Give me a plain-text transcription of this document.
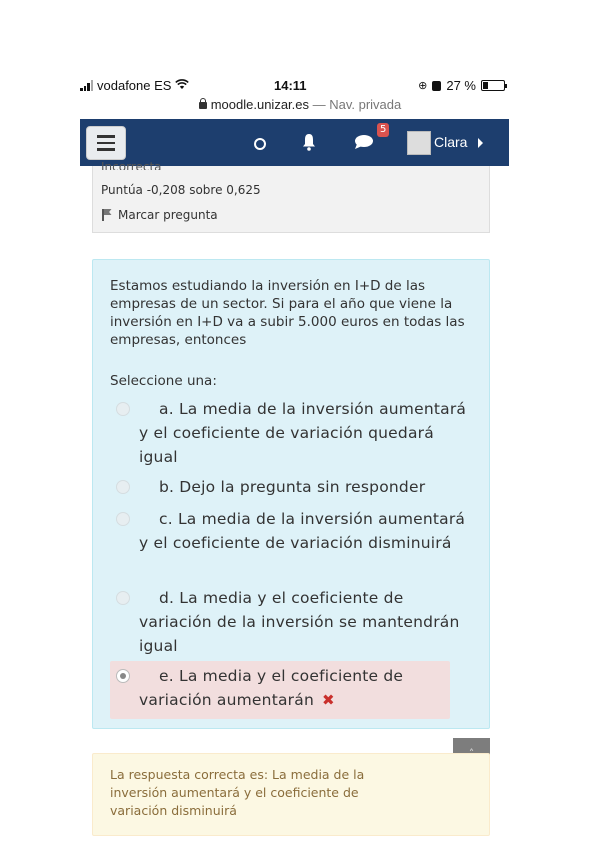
vodafone ES	14:11	⊕ 27 %
moodle.unizar.es — Nav. privada
5
Clara
Incorrecta
Puntúa -0,208 sobre 0,625
Marcar pregunta
Estamos estudiando la inversión en I+D de las empresas de un sector. Si para el año que viene la inversión en I+D va a subir 5.000 euros en todas las empresas, entonces
Seleccione una:
a. La media de la inversión aumentará y el coeficiente de variación quedará igual
b. Dejo la pregunta sin responder
c. La media de la inversión aumentará y el coeficiente de variación disminuirá
d. La media y el coeficiente de variación de la inversión se mantendrán igual
e. La media y el coeficiente de variación aumentarán ✖
La respuesta correcta es: La media de la inversión aumentará y el coeficiente de variación disminuirá
